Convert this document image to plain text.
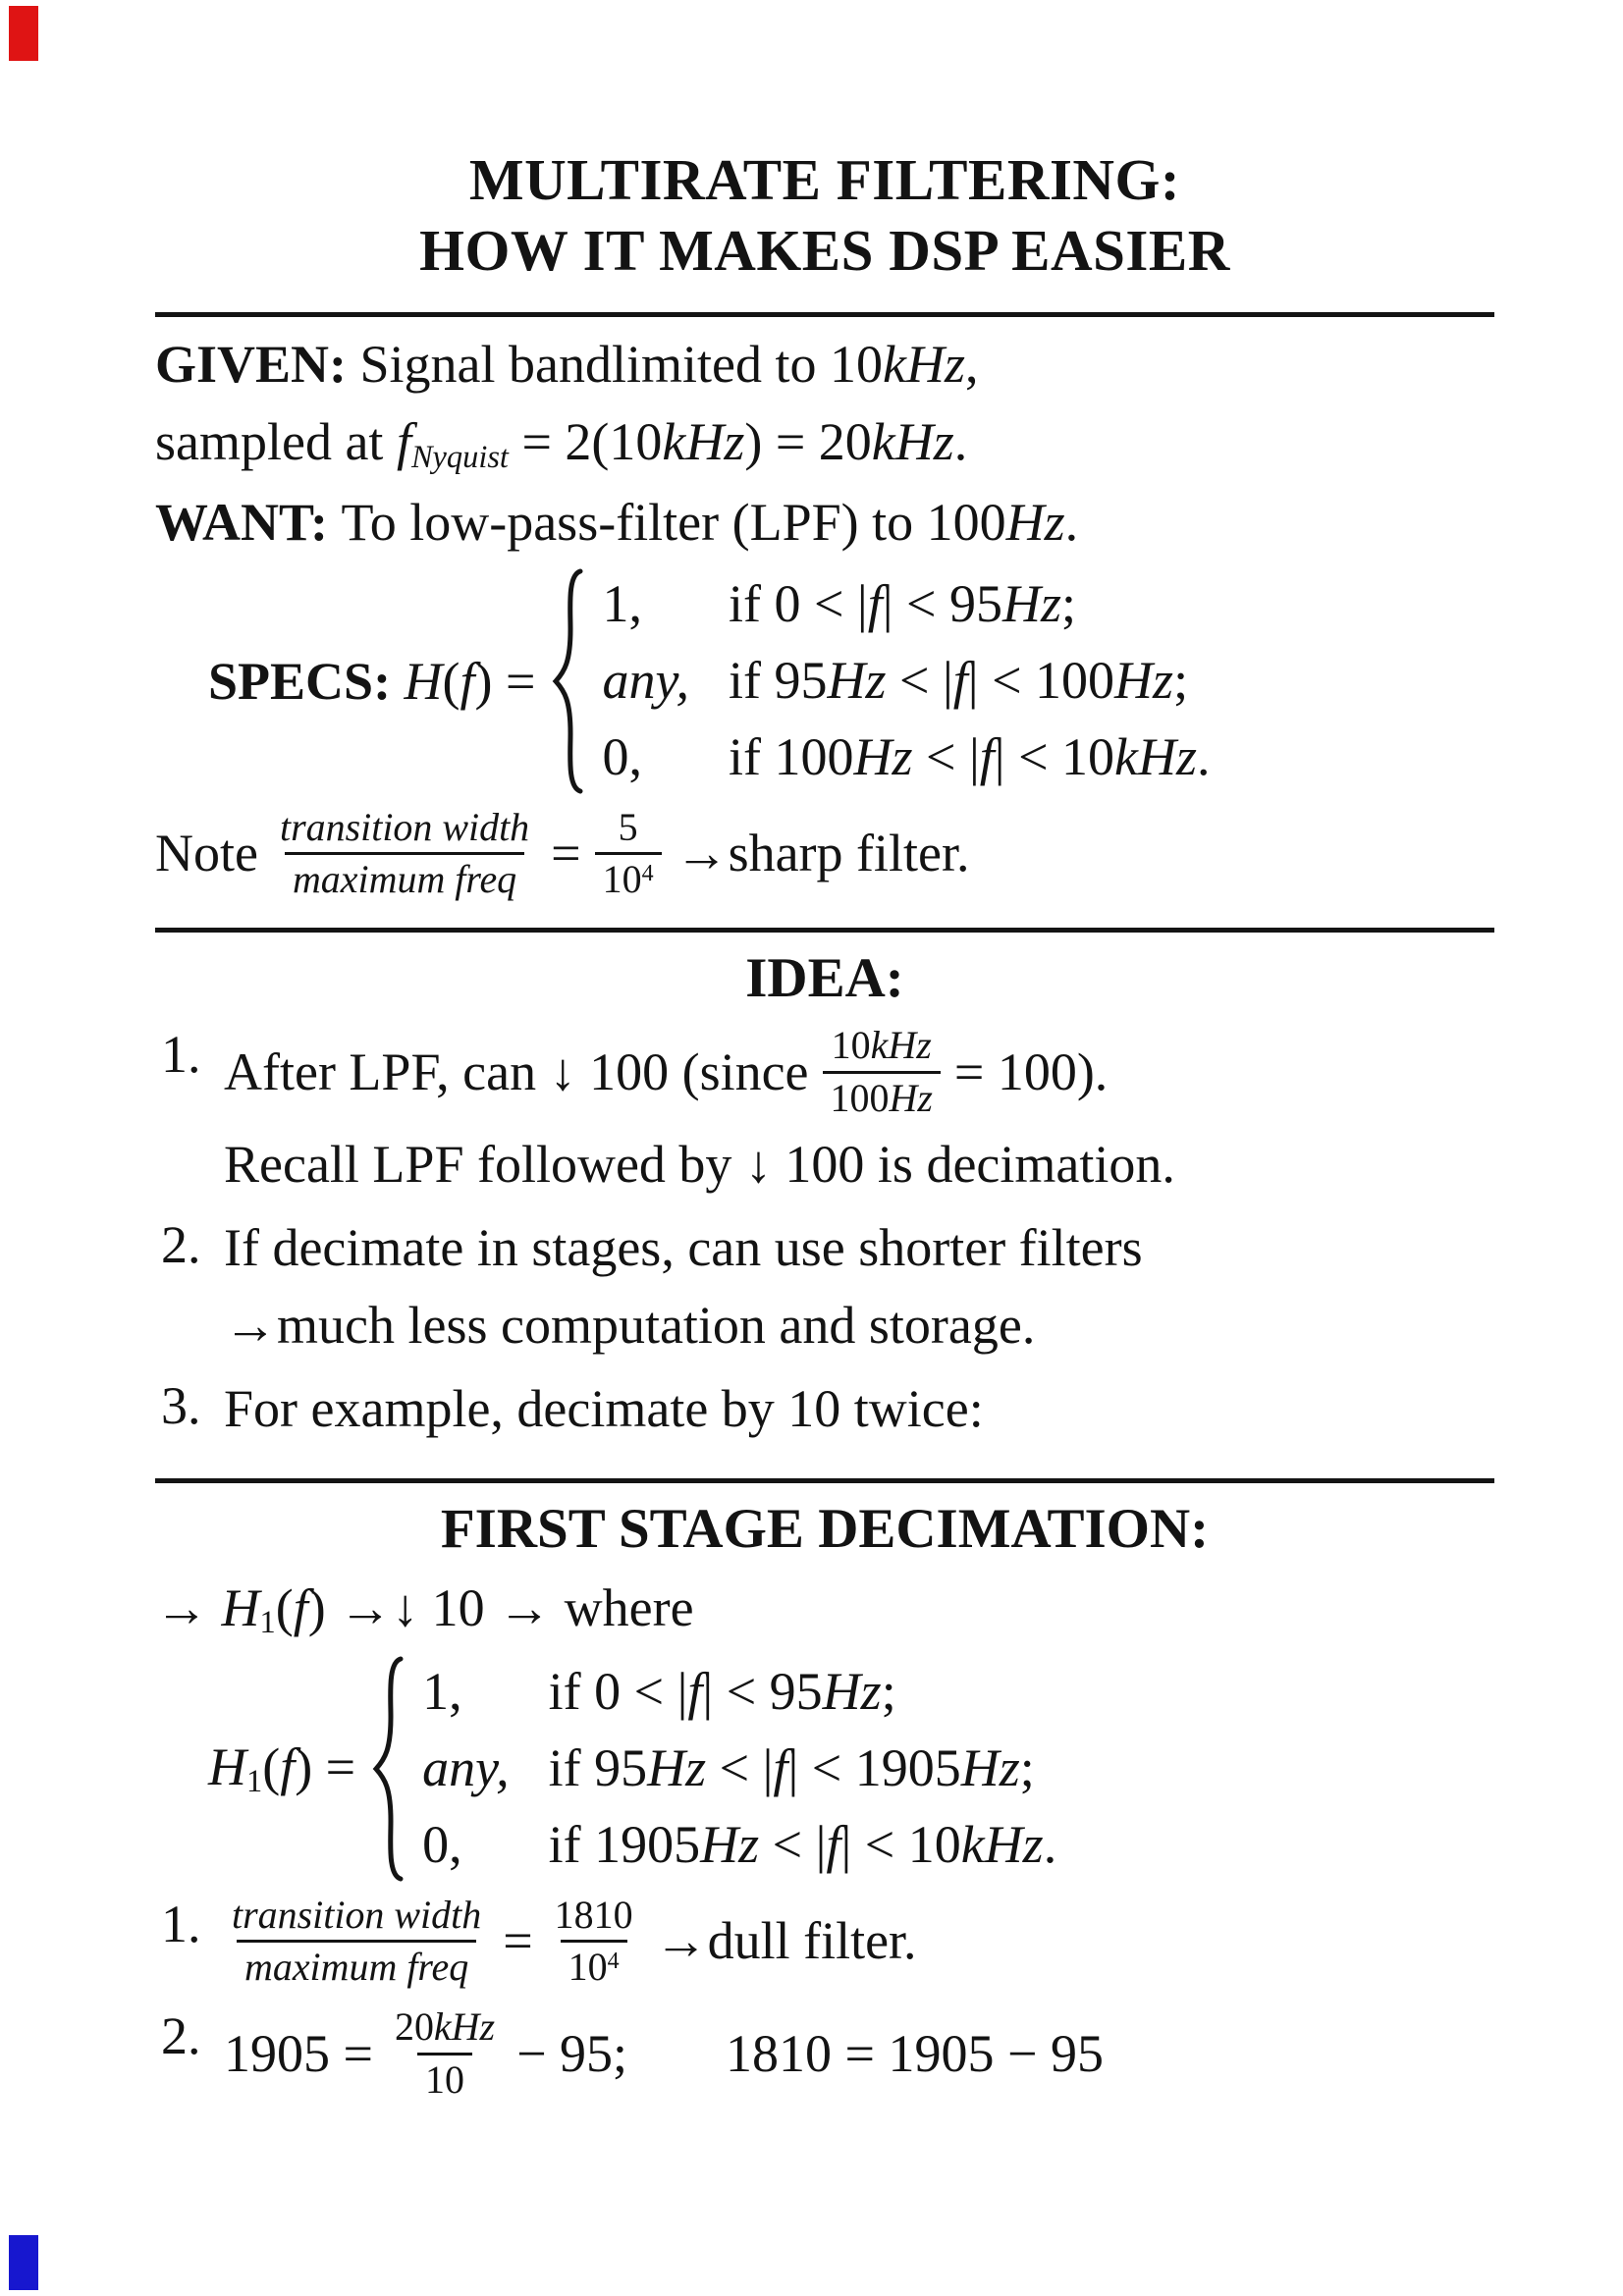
MULTIRATE FILTERING:
HOW IT MAKES DSP EASIER

GIVEN: Signal bandlimited to 10kHz,

sampled at fNyquist = 2(10kHz) = 20kHz.

WANT: To low-pass-filter (LPF) to 100Hz.

SPECS: H(f) =
1,	if 0 < |f| < 95Hz;
any, if 95Hz < |f| < 100Hz;
0,	if 100Hz < |f| < 10kHz.

Note $\frac{\text{transition width}}{\text{maximum freq}} = \frac{5}{10^4}$ →sharp filter.

IDEA:
1. After LPF, can ↓ 100 (since $\frac{\text{10kHz}}{100Hz} = 100$).

Recall LPF followed by ↓ 100 is decimation.

2. If decimate in stages, can use shorter filters

→much less computation and storage.

3. For example, decimate by 10 twice:

FIRST STAGE DECIMATION:

→ H1(f) →↓ 10 → where

H1(f) =
1,	if 0 < |f| < 95Hz;
any, if 95Hz < |f| < 1905Hz;
0,	if 1905Hz < |f| < 10kHz.
1. $\frac{\text{transition width}}{\text{maximum freq}} = \frac{1810}{10^4}$ →dull filter.

2. $1905 = \frac{\text{20kHz}}{10} - 95$; 1810 = 1905 − 95
